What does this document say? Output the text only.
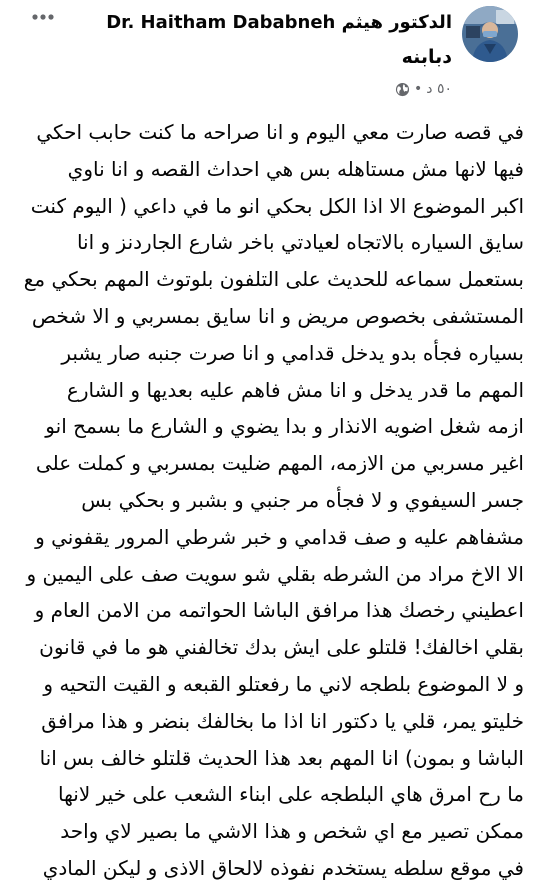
الدكتور هيثم Dr. Haitham Dababneh
دبابنه
٥٠ د
•
في قصه صارت معي اليوم و انا صراحه ما كنت حابب احكي
فيها لانها مش مستاهله بس هي احداث القصه و انا ناوي
اكبر الموضوع الا اذا الكل بحكي انو ما في داعي ( اليوم كنت
سايق السياره بالاتجاه لعيادتي باخر شارع الجاردنز و انا
بستعمل سماعه للحديث على التلفون بلوتوث المهم بحكي مع
المستشفى بخصوص مريض و انا سايق بمسربي و الا شخص
بسياره فجأه بدو يدخل قدامي و انا صرت جنبه صار يشبر
المهم ما قدر يدخل و انا مش فاهم عليه بعديها و الشارع
ازمه شغل اضويه الانذار و بدا يضوي و الشارع ما بسمح انو
اغير مسربي من الازمه، المهم ضليت بمسربي و كملت على
جسر السيفوي و لا فجأه مر جنبي و بشبر و بحكي بس
مشفاهم عليه و صف قدامي و خبر شرطي المرور يقفوني و
الا الاخ مراد من الشرطه بقلي شو سويت صف على اليمين و
اعطيني رخصك هذا مرافق الباشا الحواتمه من الامن العام و
بقلي اخالفك! قلتلو على ايش بدك تخالفني هو ما في قانون
و لا الموضوع بلطجه لاني ما رفعتلو القبعه و القيت التحيه و
خليتو يمر، قلي يا دكتور انا اذا ما بخالفك بنضر و هذا مرافق
الباشا و بمون) انا المهم بعد هذا الحديث قلتلو خالف بس انا
ما رح امرق هاي البلطجه على ابناء الشعب على خير لانها
ممكن تصير مع اي شخص و هذا الاشي ما بصير لاي واحد
في موقع سلطه يستخدم نفوذه لالحاق الاذى و ليكن المادي
